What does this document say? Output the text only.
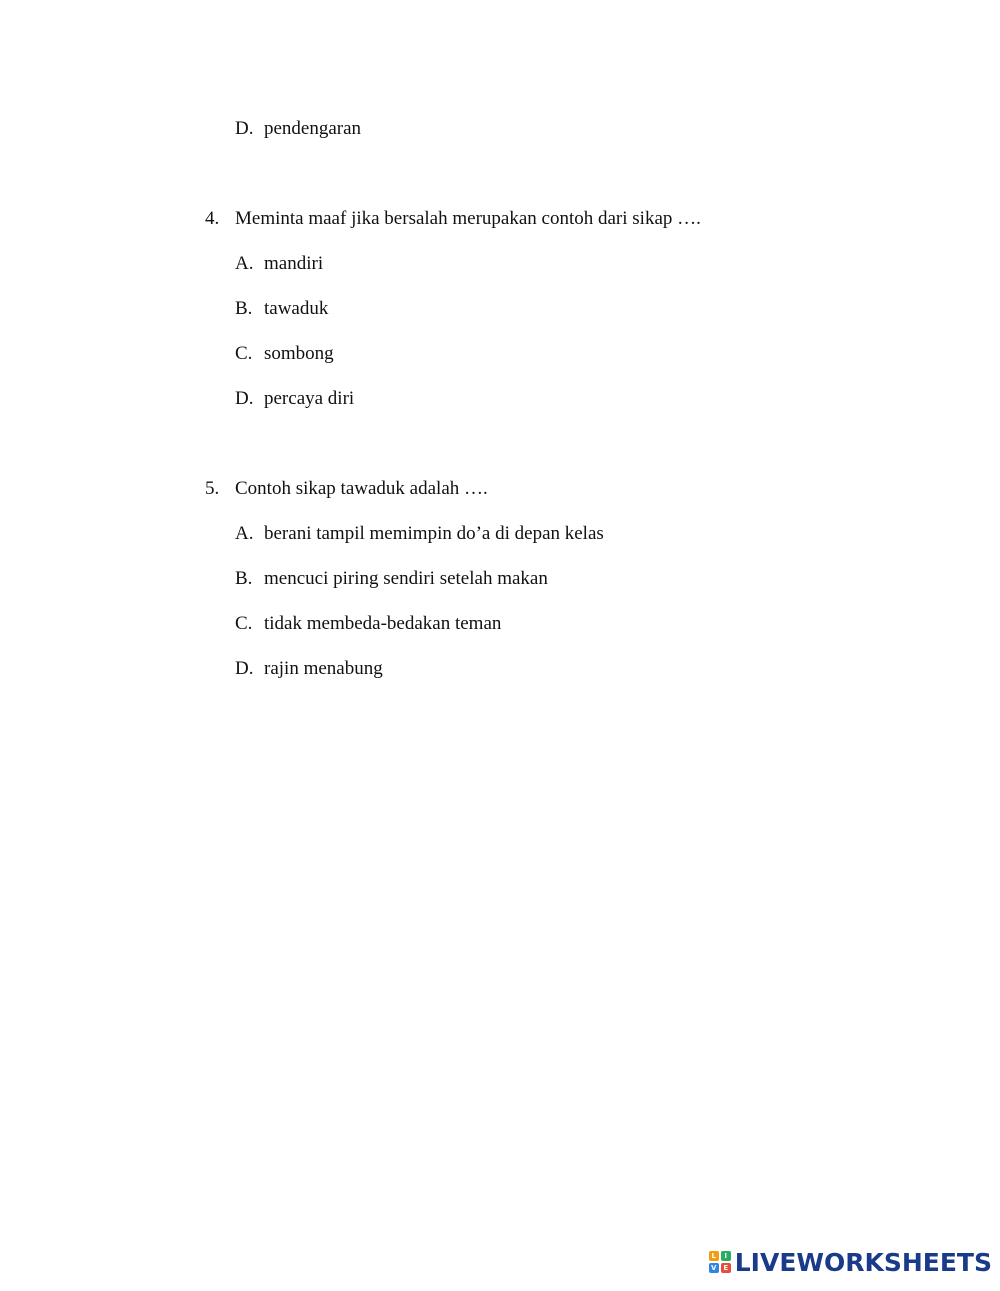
D. pendengaran
4. Meminta maaf jika bersalah merupakan contoh dari sikap ….
A. mandiri
B. tawaduk
C. sombong
D. percaya diri
5. Contoh sikap tawaduk adalah ….
A. berani tampil memimpin do’a di depan kelas
B. mencuci piring sendiri setelah makan
C. tidak membeda-bedakan teman
D. rajin menabung
L	I
V E LIVEWORKSHEETS
